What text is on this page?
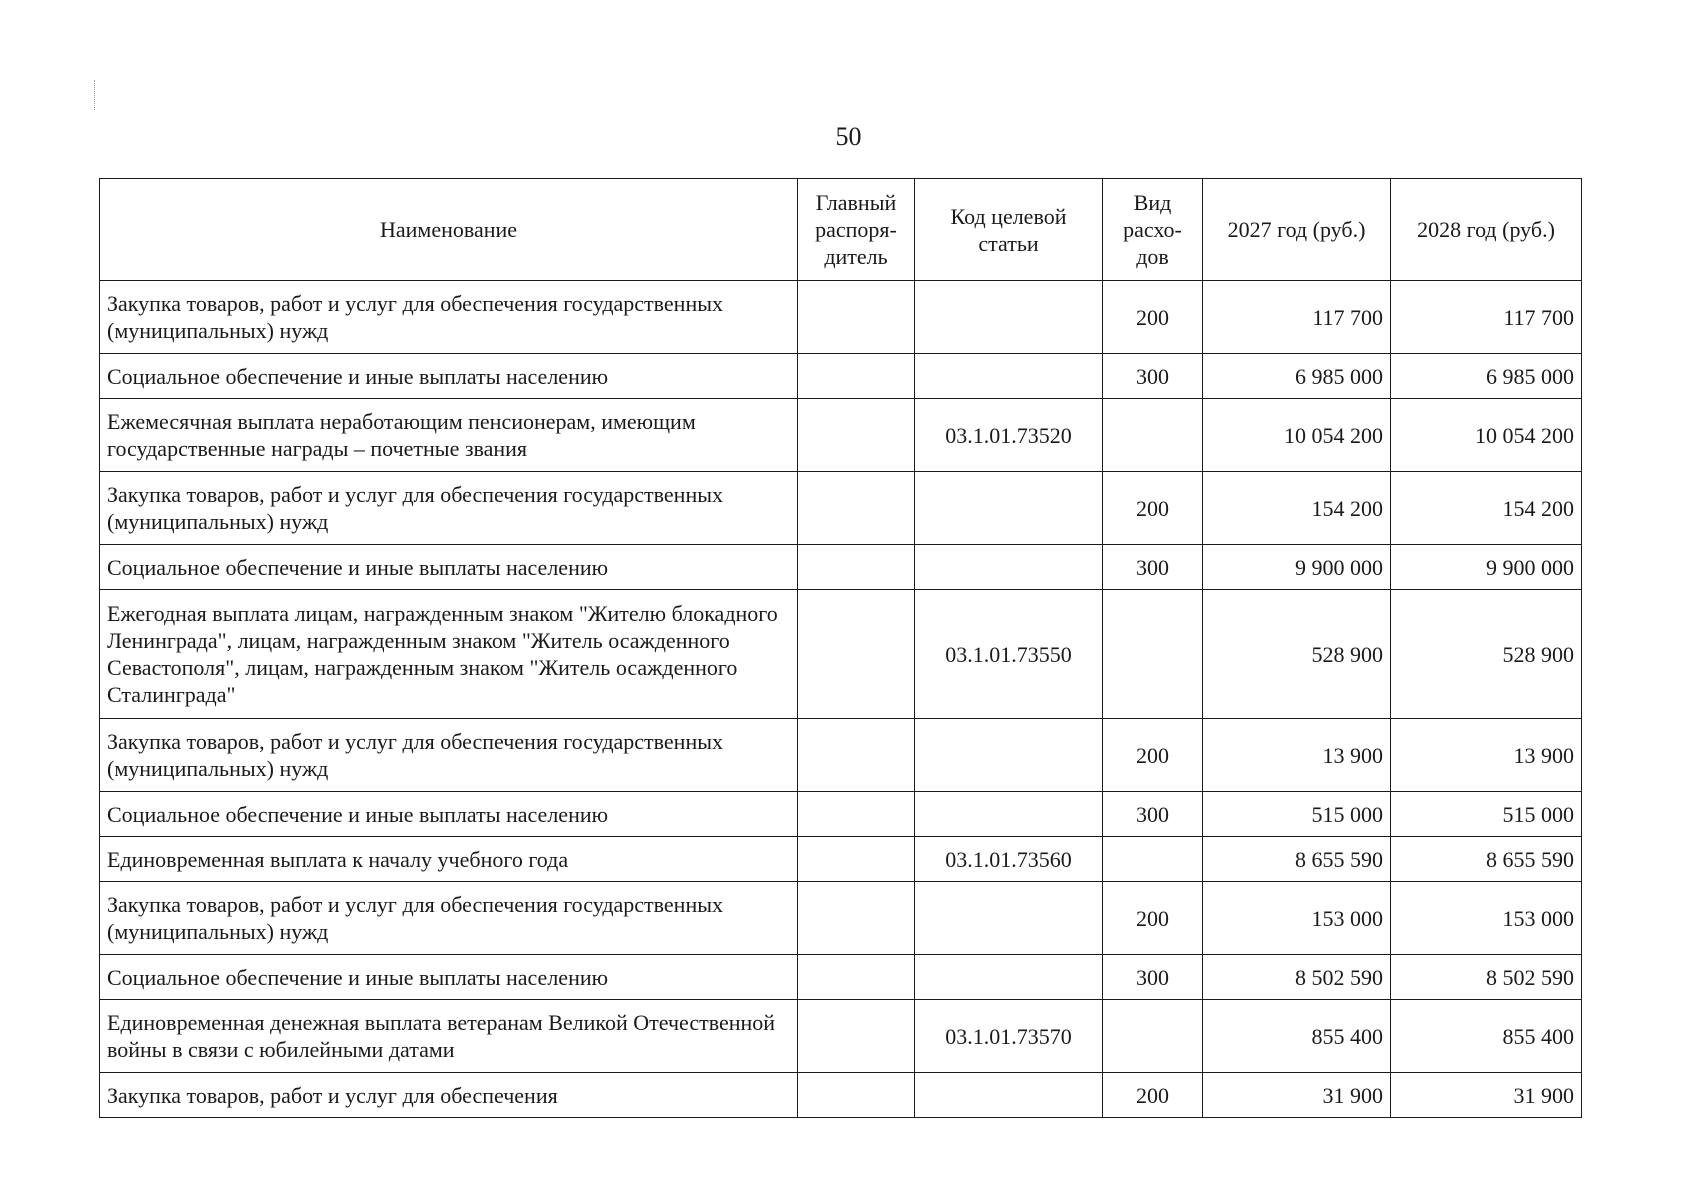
50
Наименование	Главный распоря-дитель	Код целевой статьи	Вид расхо-дов	2027 год (руб.)	2028 год (руб.)
Закупка товаров, работ и услуг для обеспечения государственных (муниципальных) нужд			200	117 700	117 700
Социальное обеспечение и иные выплаты населению			300	6 985 000	6 985 000
Ежемесячная выплата неработающим пенсионерам, имеющим государственные награды – почетные звания		03.1.01.73520		10 054 200	10 054 200
Закупка товаров, работ и услуг для обеспечения государственных (муниципальных) нужд			200	154 200	154 200
Социальное обеспечение и иные выплаты населению			300	9 900 000	9 900 000
Ежегодная выплата лицам, награжденным знаком "Жителю блокадного Ленинграда", лицам, награжденным знаком "Житель осажденного Севастополя", лицам, награжденным знаком "Житель осажденного Сталинграда"		03.1.01.73550		528 900	528 900
Закупка товаров, работ и услуг для обеспечения государственных (муниципальных) нужд			200	13 900	13 900
Социальное обеспечение и иные выплаты населению			300	515 000	515 000
Единовременная выплата к началу учебного года		03.1.01.73560		8 655 590	8 655 590
Закупка товаров, работ и услуг для обеспечения государственных (муниципальных) нужд			200	153 000	153 000
Социальное обеспечение и иные выплаты населению			300	8 502 590	8 502 590
Единовременная денежная выплата ветеранам Великой Отечественной войны в связи с юбилейными датами		03.1.01.73570		855 400	855 400
Закупка товаров, работ и услуг для обеспечения			200	31 900	31 900
